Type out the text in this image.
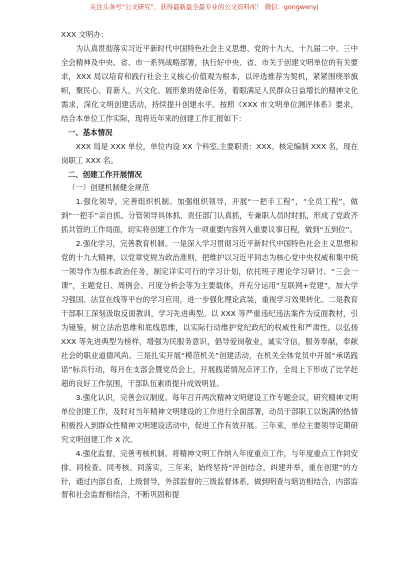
关注头条号“公文研究”，获得最新最全最专业的公文资料库！ 微信：gongwenyj

XXX 文明办：

为认真贯彻落实习近平新时代中国特色社会主义思想、党的十九大、十九届二中、三中全会精神及中央、省、市一系列战略部署，执行好中央、省、市关于创建文明单位的有关要求，XXX 局以培育和践行社会主义核心价值观为根本，以评选推荐为契机，紧紧围绕举旗帜，聚民心、育新人，兴文化、展形象的使命任务，着眼满足人民群众日益增长的精神文化需求，深化文明创建活动，持续提升创建水平。按照《XXX 市文明单位测评体系》要求，结合本单位工作实际，现将近年来的创建工作汇报如下：

一、基本情况

XXX 局是 XXX 单位，单位内设 XX 个科室,主要职责：XXX。核定编制 XXX 名，现在岗职工 XXX 名。

二、创建工作开展情况

（一）创建机制健全规范

1.强化领导，完善组织机制。加强组织领导，开展“一把手工程”，“全员工程”，做到“一把手”亲自抓、分管领导具体抓、责任部门认真抓，专兼职人员时时抓，形成了党政齐抓共管的工作局面，切实将创建工作作为一项重要内容列入重要议事日程，做到“五到位”。

2.强化学习，完善教育机制。一是深入学习贯彻习近平新时代中国特色社会主义思想和党的十九大精神，以党章党规为政治准则，把维护以习近平同志为核心党中央权威和集中统一领导作为根本政治任务，制定详实可行的学习计划，依托班子理论学习研讨、“三会一课”，主题党日、周例会、月度分析会等为主要载体，并充分运用“互联网+党建”，加大学习强国、法宣在线等平台的学习应用，进一步强化理论武装，重视学习效果转化。二是教育干部职工深刻汲取反面教训，学习先进典型。以 XXX 等严重违纪违法案件为反面教材，引为镜鉴，树立法治思维和底线思维，以实际行动维护党纪政纪的权威性和严肃性。以弘扬 XXX 等先进典型为榜样，增强为民服务意识，倡导爱岗敬业，诚实守信，服务奉献，奉献社会的职业道德风尚。三是扎实开展“模范机关”创建活动，在机关全体党员中开展“承诺践诺”标兵行动，每月在支部会暨党员会上，开展践诺情况点评工作，全局上下形成了比学赶超的良好工作氛围，干部队伍素质提升成效明显。

3.强化认识，完善会议制度。每年召开两次精神文明建设工作专题会议，研究精神文明单位创建工作，及时对当年精神文明建设的工作进行全面部署，动员干部职工以饱满的热情积极投入到群众性精神文明建设活动中，促进工作有效开展。三年来，单位主要领导定期研究文明创建工作 X 次。

4.强化监督，完善考核机制。将精神文明工作纳入年度重点工作，与年度重点工作同安排、同检查、同考核、同落实，三年来，始终坚持“评创结合，纠建并举，重在创建”的方针，通过内部自查，上级督导，外部监督的三级监督体系，做到明查与暗访相结合，内部监督和社会监督相结合，不断巩固和提
